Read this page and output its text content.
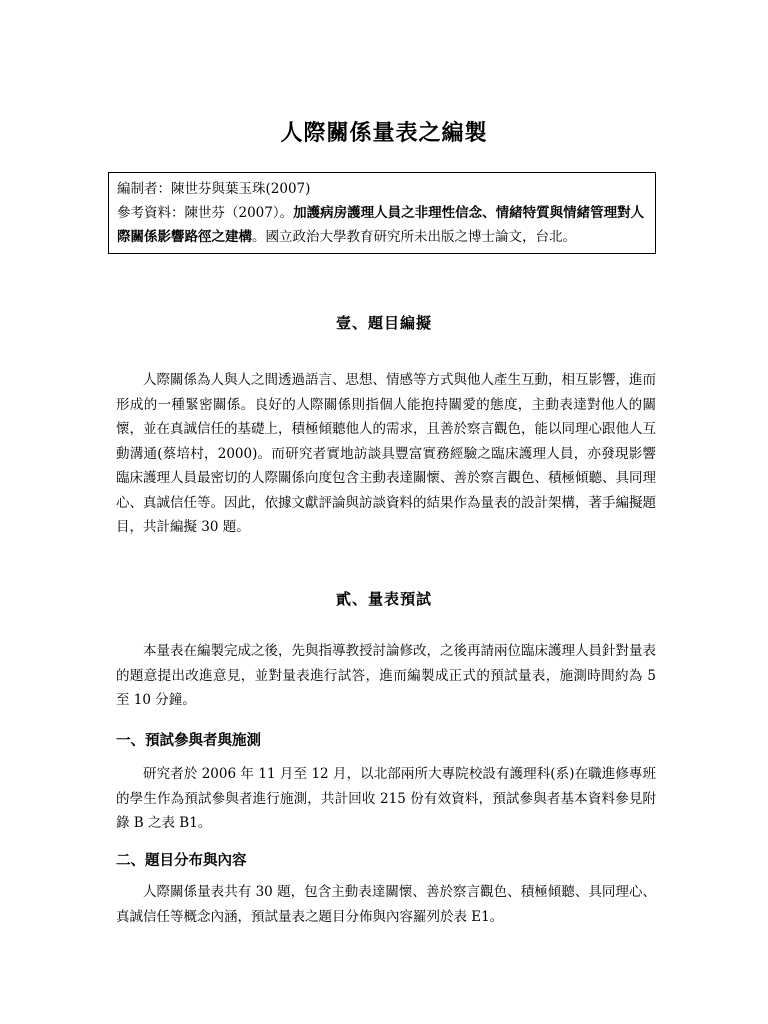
人際關係量表之編製
編制者：陳世芬與葉玉珠(2007)
參考資料：陳世芬（2007）。加護病房護理人員之非理性信念、情緒特質與情緒管理對人際關係影響路徑之建構。國立政治大學教育研究所未出版之博士論文，台北。
壹、題目編擬

人際關係為人與人之間透過語言、思想、情感等方式與他人產生互動，相互影響，進而形成的一種緊密關係。良好的人際關係則指個人能抱持關愛的態度，主動表達對他人的關懷，並在真誠信任的基礎上，積極傾聽他人的需求，且善於察言觀色，能以同理心跟他人互動溝通(蔡培村，2000)。而研究者實地訪談具豐富實務經驗之臨床護理人員，亦發現影響臨床護理人員最密切的人際關係向度包含主動表達關懷、善於察言觀色、積極傾聽、具同理心、真誠信任等。因此，依據文獻評論與訪談資料的結果作為量表的設計架構，著手編擬題目，共計編擬 30 題。

貳、量表預試

本量表在編製完成之後，先與指導教授討論修改，之後再請兩位臨床護理人員針對量表的題意提出改進意見，並對量表進行試答，進而編製成正式的預試量表，施測時間約為 5 至 10 分鐘。

一、預試參與者與施測

研究者於 2006 年 11 月至 12 月，以北部兩所大專院校設有護理科(系)在職進修專班的學生作為預試參與者進行施測，共計回收 215 份有效資料，預試參與者基本資料參見附錄 B 之表 B1。

二、題目分布與內容

人際關係量表共有 30 題，包含主動表達關懷、善於察言觀色、積極傾聽、具同理心、真誠信任等概念內涵，預試量表之題目分佈與內容羅列於表 E1。
